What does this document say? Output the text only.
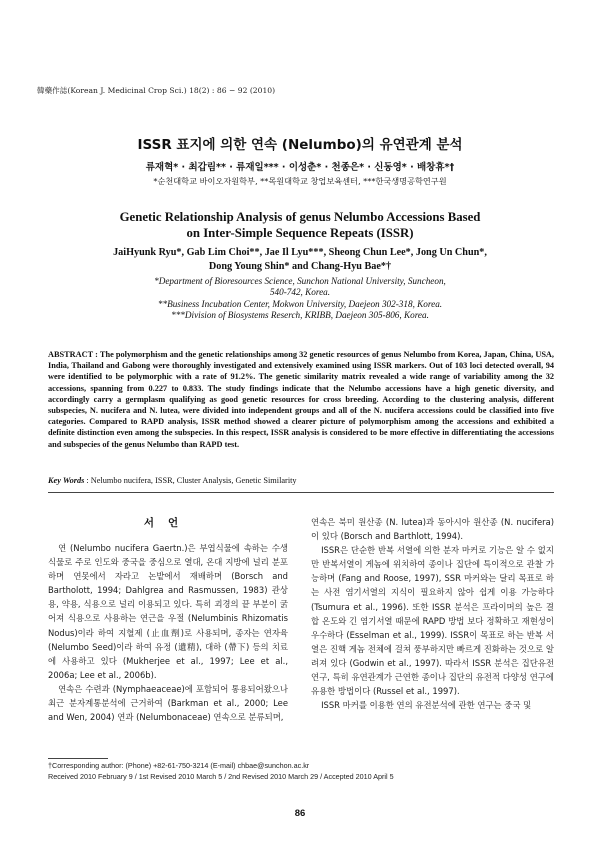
韓藥作誌(Korean J. Medicinal Crop Sci.) 18(2) : 86 − 92 (2010)
ISSR 표지에 의한 연속 (Nelumbo)의 유연관계 분석
류재혁* · 최갑림** · 류재일*** · 이성춘* · 천종은* · 신동영* · 배창휴*†
*순천대학교 바이오자원학부, **목원대학교 창업보육센터, ***한국생명공학연구원
Genetic Relationship Analysis of genus Nelumbo Accessions Based
on Inter-Simple Sequence Repeats (ISSR)
JaiHyunk Ryu*, Gab Lim Choi**, Jae Il Lyu***, Sheong Chun Lee*, Jong Un Chun*,
Dong Young Shin* and Chang-Hyu Bae*†
*Department of Bioresources Science, Sunchon National University, Suncheon,
540-742, Korea.
**Business Incubation Center, Mokwon University, Daejeon 302-318, Korea.
***Division of Biosystems Reserch, KRIBB, Daejeon 305-806, Korea.
ABSTRACT : The polymorphism and the genetic relationships among 32 genetic resources of genus Nelumbo from Korea, Japan, China, USA, India, Thailand and Gabong were thoroughly investigated and extensively examined using ISSR markers. Out of 103 loci detected overall, 94 were identified to be polymorphic with a rate of 91.2%. The genetic similarity matrix revealed a wide range of variability among the 32 accessions, spanning from 0.227 to 0.833. The study findings indicate that the Nelumbo accessions have a high genetic diversity, and accordingly carry a germplasm qualifying as good genetic resources for cross breeding. According to the clustering analysis, different subspecies, N. nucifera and N. lutea, were divided into independent groups and all of the N. nucifera accessions could be classified into five categories. Compared to RAPD analysis, ISSR method showed a clearer picture of polymorphism among the accessions and exhibited a definite distinction even among the subspecies. In this respect, ISSR analysis is considered to be more effective in differentiating the accessions and subspecies of the genus Nelumbo than RAPD test.
Key Words : Nelumbo nucifera, ISSR, Cluster Analysis, Genetic Similarity
서언

연 (Nelumbo nucifera Gaertn.)은 부엽식물에 속하는 수생식물로 주로 인도와 중국을 중심으로 열대, 온대 지방에 널리 분포하며 연못에서 자라고 논밭에서 재배하며 (Borsch and Bartholott, 1994; Dahlgrea and Rasmussen, 1983) 관상용, 약용, 식용으로 널리 이용되고 있다. 특히 괴경의 끝 부분이 굵어져 식용으로 사용하는 연근을 우절 (Nelumbinis Rhizomatis Nodus)이라 하여 지혈제 (止血劑)로 사용되며, 종자는 연자육 (Nelumbo Seed)이라 하여 유정 (遺精), 대하 (帶下) 등의 치료에 사용하고 있다 (Mukherjee et al., 1997; Lee et al., 2006a; Lee et al., 2006b).

연속은 수련과 (Nymphaeaceae)에 포함되어 통용되어왔으나 최근 분자계통분석에 근거하여 (Barkman et al., 2000; Lee and Wen, 2004) 연과 (Nelumbonaceae) 연속으로 분류되며,

연속은 북미 원산종 (N. lutea)과 동아시아 원산종 (N. nucifera)이 있다 (Borsch and Barthlott, 1994).

ISSR은 단순한 반복 서열에 의한 분자 마커로 기능은 알 수 없지만 반복서열이 게놈에 위치하여 종이나 집단에 특이적으로 관찰 가능하며 (Fang and Roose, 1997), SSR 마커와는 달리 목표로 하는 사전 염기서열의 지식이 필요하지 않아 쉽게 이용 가능하다 (Tsumura et al., 1996). 또한 ISSR 분석은 프라이머의 높은 결합 온도와 긴 염기서열 때문에 RAPD 방법 보다 정확하고 재현성이 우수하다 (Esselman et al., 1999). ISSR이 목표로 하는 반복 서열은 진핵 게놈 전체에 걸쳐 풍부하지만 빠르게 진화하는 것으로 알려져 있다 (Godwin et al., 1997). 따라서 ISSR 분석은 집단유전 연구, 특히 유연관계가 근연한 종이나 집단의 유전적 다양성 연구에 유용한 방법이다 (Russel et al., 1997).

ISSR 마커를 이용한 연의 유전분석에 관한 연구는 중국 및

†Corresponding author: (Phone) +82-61-750-3214 (E-mail) chbae@sunchon.ac.kr
Received 2010 February 9 / 1st Revised 2010 March 5 / 2nd Revised 2010 March 29 / Accepted 2010 April 5
86
